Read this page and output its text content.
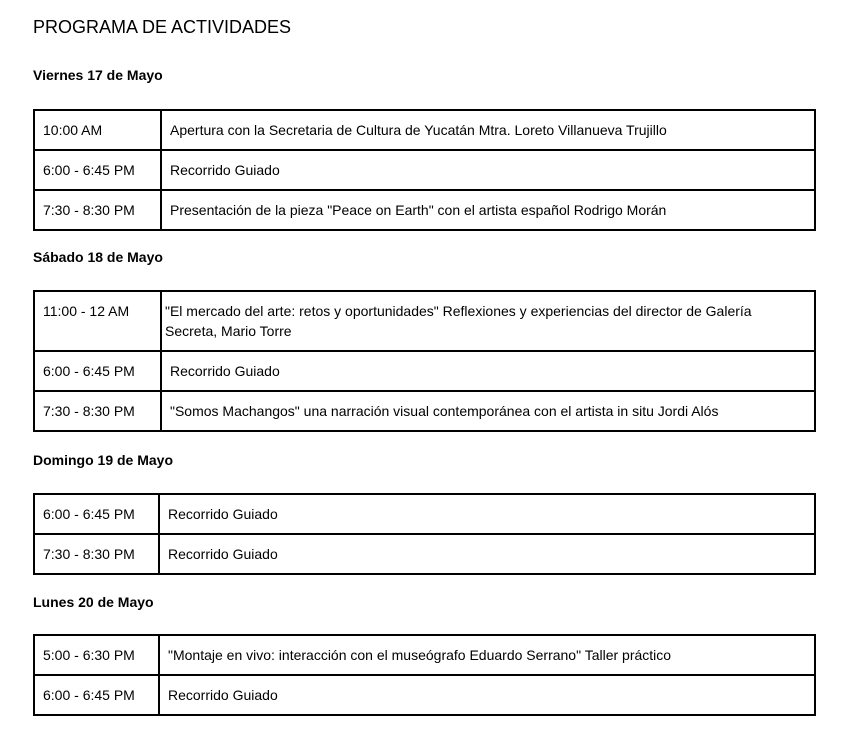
PROGRAMA DE ACTIVIDADES
Viernes 17 de Mayo
10:00 AM	Apertura con la Secretaria de Cultura de Yucatán Mtra. Loreto Villanueva Trujillo
6:00 - 6:45 PM	Recorrido Guiado
7:30 - 8:30 PM	Presentación de la pieza "Peace on Earth" con el artista español Rodrigo Morán
Sábado 18 de Mayo
11:00 - 12 AM	"El mercado del arte: retos y oportunidades" Reflexiones y experiencias del director de Galería Secreta, Mario Torre
6:00 - 6:45 PM	Recorrido Guiado
7:30 - 8:30 PM	"Somos Machangos" una narración visual contemporánea con el artista in situ Jordi Alós
Domingo 19 de Mayo
6:00 - 6:45 PM	Recorrido Guiado
7:30 - 8:30 PM	Recorrido Guiado
Lunes 20 de Mayo
5:00 - 6:30 PM	"Montaje en vivo: interacción con el museógrafo Eduardo Serrano" Taller práctico
6:00 - 6:45 PM	Recorrido Guiado
